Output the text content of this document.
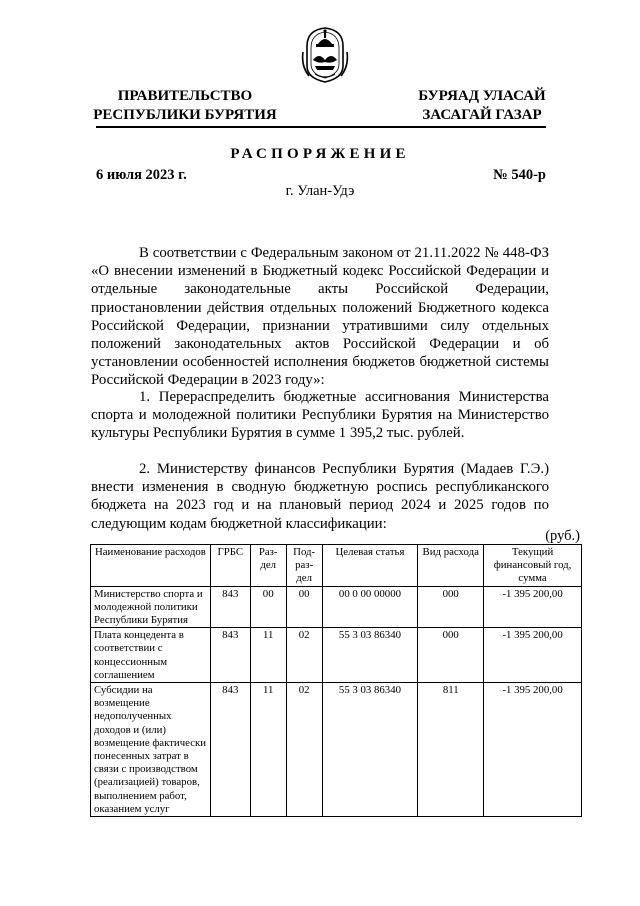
ПРАВИТЕЛЬСТВО
РЕСПУБЛИКИ БУРЯТИЯ
БУРЯАД УЛАСАЙ
ЗАСАГАЙ ГАЗАР
РАСПОРЯЖЕНИЕ
6 июля 2023 г.	№ 540-р
г. Улан-Удэ
В соответствии с Федеральным законом от 21.11.2022 № 448-ФЗ «О внесении изменений в Бюджетный кодекс Российской Федерации и отдельные законодательные акты Российской Федерации, приостановлении действия отдельных положений Бюджетного кодекса Российской Федерации, признании утратившими силу отдельных положений законодательных актов Российской Федерации и об установлении особенностей исполнения бюджетов бюджетной системы Российской Федерации в 2023 году»:
1. Перераспределить бюджетные ассигнования Министерства спорта и молодежной политики Республики Бурятия на Министерство культуры Республики Бурятия в сумме 1 395,2 тыс. рублей.
2. Министерству финансов Республики Бурятия (Мадаев Г.Э.) внести изменения в сводную бюджетную роспись республиканского бюджета на 2023 год и на плановый период 2024 и 2025 годов по следующим кодам бюджетной классификации:
(руб.)
Наименование расходов	ГРБС	Раз-дел	Под-раз-дел	Целевая статья	Вид расхода	Текущий финансовый год, сумма
Министерство спорта и молодежной политики Республики Бурятия	843	00	00	00 0 00 00000	000	-1 395 200,00
Плата концедента в соответствии с концессионным соглашением	843	11	02	55 3 03 86340	000	-1 395 200,00
Субсидии на возмещение недополученных доходов и (или) возмещение фактически понесенных затрат в связи с производством (реализацией) товаров, выполнением работ, оказанием услуг	843	11	02	55 3 03 86340	811	-1 395 200,00
